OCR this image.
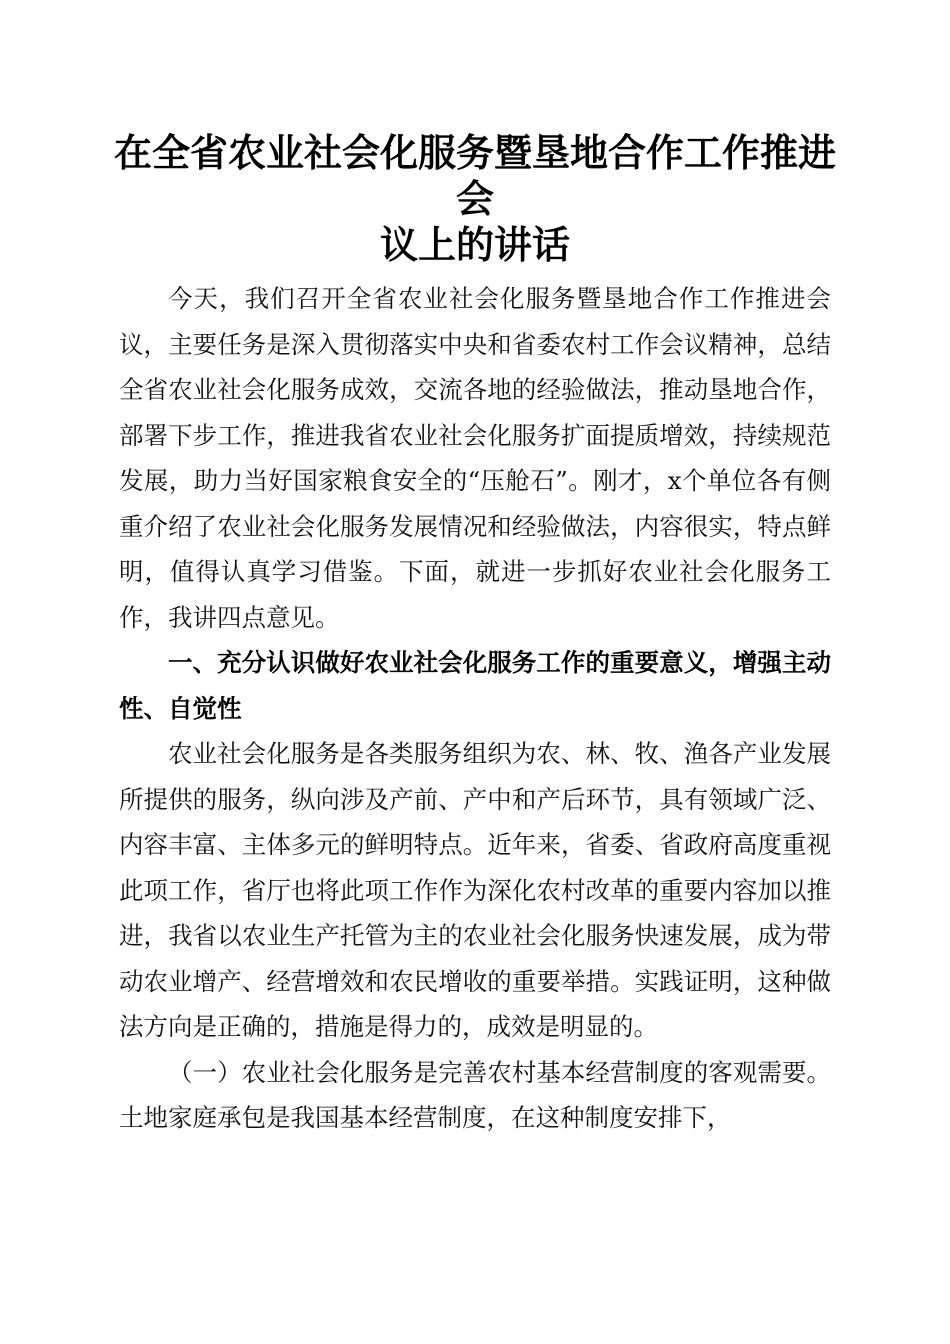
在全省农业社会化服务暨垦地合作工作推进会
议上的讲话

今天，我们召开全省农业社会化服务暨垦地合作工作推进会议，主要任务是深入贯彻落实中央和省委农村工作会议精神，总结全省农业社会化服务成效，交流各地的经验做法，推动垦地合作，部署下步工作，推进我省农业社会化服务扩面提质增效，持续规范发展，助力当好国家粮食安全的“压舱石”。刚才，x个单位各有侧重介绍了农业社会化服务发展情况和经验做法，内容很实，特点鲜明，值得认真学习借鉴。下面，就进一步抓好农业社会化服务工作，我讲四点意见。

一、充分认识做好农业社会化服务工作的重要意义，增强主动性、自觉性

农业社会化服务是各类服务组织为农、林、牧、渔各产业发展所提供的服务，纵向涉及产前、产中和产后环节，具有领域广泛、内容丰富、主体多元的鲜明特点。近年来，省委、省政府高度重视此项工作，省厅也将此项工作作为深化农村改革的重要内容加以推进，我省以农业生产托管为主的农业社会化服务快速发展，成为带动农业增产、经营增效和农民增收的重要举措。实践证明，这种做法方向是正确的，措施是得力的，成效是明显的。

（一）农业社会化服务是完善农村基本经营制度的客观需要。土地家庭承包是我国基本经营制度，在这种制度安排下，
